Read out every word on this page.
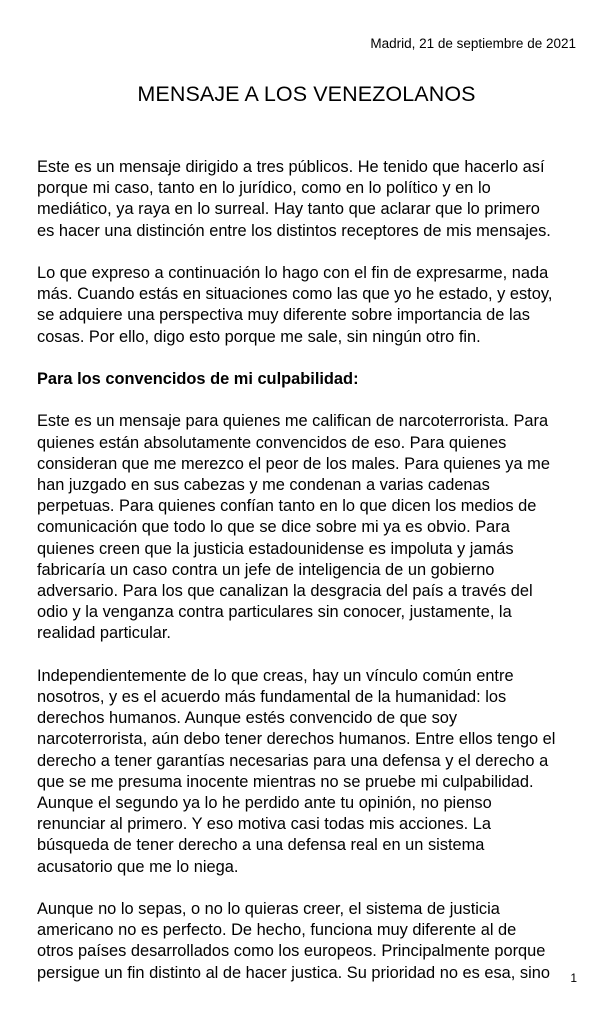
Madrid, 21 de septiembre de 2021
MENSAJE A LOS VENEZOLANOS

Este es un mensaje dirigido a tres públicos. He tenido que hacerlo así
porque mi caso, tanto en lo jurídico, como en lo político y en lo
mediático, ya raya en lo surreal. Hay tanto que aclarar que lo primero
es hacer una distinción entre los distintos receptores de mis mensajes.

Lo que expreso a continuación lo hago con el fin de expresarme, nada
más. Cuando estás en situaciones como las que yo he estado, y estoy,
se adquiere una perspectiva muy diferente sobre importancia de las
cosas. Por ello, digo esto porque me sale, sin ningún otro fin.

Para los convencidos de mi culpabilidad:

Este es un mensaje para quienes me califican de narcoterrorista. Para
quienes están absolutamente convencidos de eso. Para quienes
consideran que me merezco el peor de los males. Para quienes ya me
han juzgado en sus cabezas y me condenan a varias cadenas
perpetuas. Para quienes confían tanto en lo que dicen los medios de
comunicación que todo lo que se dice sobre mi ya es obvio. Para
quienes creen que la justicia estadounidense es impoluta y jamás
fabricaría un caso contra un jefe de inteligencia de un gobierno
adversario. Para los que canalizan la desgracia del país a través del
odio y la venganza contra particulares sin conocer, justamente, la
realidad particular.

Independientemente de lo que creas, hay un vínculo común entre
nosotros, y es el acuerdo más fundamental de la humanidad: los
derechos humanos. Aunque estés convencido de que soy
narcoterrorista, aún debo tener derechos humanos. Entre ellos tengo el
derecho a tener garantías necesarias para una defensa y el derecho a
que se me presuma inocente mientras no se pruebe mi culpabilidad.
Aunque el segundo ya lo he perdido ante tu opinión, no pienso
renunciar al primero. Y eso motiva casi todas mis acciones. La
búsqueda de tener derecho a una defensa real en un sistema
acusatorio que me lo niega.

Aunque no lo sepas, o no lo quieras creer, el sistema de justicia
americano no es perfecto. De hecho, funciona muy diferente al de
otros países desarrollados como los europeos. Principalmente porque
persigue un fin distinto al de hacer justica. Su prioridad no es esa, sino	1
